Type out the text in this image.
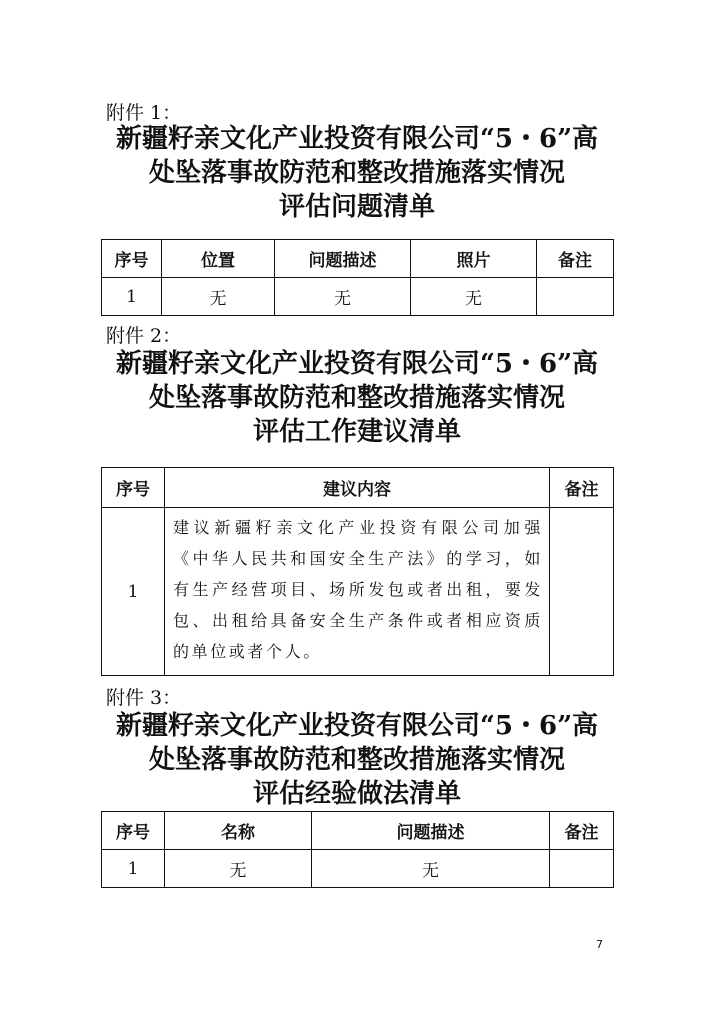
附件 1：
新疆籽亲文化产业投资有限公司“5・6”高
处坠落事故防范和整改措施落实情况
评估问题清单
序号	位置	问题描述	照片	备注
1	无	无	无	
附件 2：
新疆籽亲文化产业投资有限公司“5・6”高
处坠落事故防范和整改措施落实情况
评估工作建议清单
序号	建议内容	备注
1	建议新疆籽亲文化产业投资有限公司加强《中华人民共和国安全生产法》的学习，如有生产经营项目、场所发包或者出租，要发包、出租给具备安全生产条件或者相应资质的单位或者个人。	
附件 3：
新疆籽亲文化产业投资有限公司“5・6”高
处坠落事故防范和整改措施落实情况
评估经验做法清单
序号	名称	问题描述	备注
1	无	无	
7
